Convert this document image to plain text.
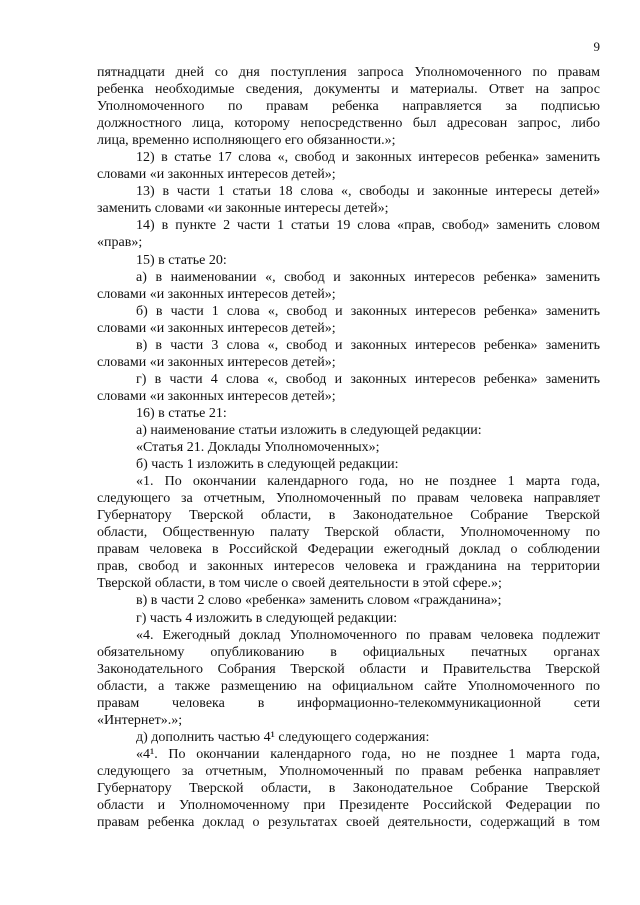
9
пятнадцати дней со дня поступления запроса Уполномоченного по правам
ребенка необходимые сведения, документы и материалы. Ответ на запрос
Уполномоченного по правам ребенка направляется за подписью
должностного лица, которому непосредственно был адресован запрос, либо
лица, временно исполняющего его обязанности.»;
12) в статье 17 слова «, свобод и законных интересов ребенка» заменить
словами «и законных интересов детей»;
13) в части 1 статьи 18 слова «, свободы и законные интересы детей»
заменить словами «и законные интересы детей»;
14) в пункте 2 части 1 статьи 19 слова «прав, свобод» заменить словом
«прав»;
15) в статье 20:
а) в наименовании «, свобод и законных интересов ребенка» заменить
словами «и законных интересов детей»;
б) в части 1 слова «, свобод и законных интересов ребенка» заменить
словами «и законных интересов детей»;
в) в части 3 слова «, свобод и законных интересов ребенка» заменить
словами «и законных интересов детей»;
г) в части 4 слова «, свобод и законных интересов ребенка» заменить
словами «и законных интересов детей»;
16) в статье 21:
а) наименование статьи изложить в следующей редакции:
«Статья 21. Доклады Уполномоченных»;
б) часть 1 изложить в следующей редакции:
«1. По окончании календарного года, но не позднее 1 марта года,
следующего за отчетным, Уполномоченный по правам человека направляет
Губернатору Тверской области, в Законодательное Собрание Тверской
области, Общественную палату Тверской области, Уполномоченному по
правам человека в Российской Федерации ежегодный доклад о соблюдении
прав, свобод и законных интересов человека и гражданина на территории
Тверской области, в том числе о своей деятельности в этой сфере.»;
в) в части 2 слово «ребенка» заменить словом «гражданина»;
г) часть 4 изложить в следующей редакции:
«4. Ежегодный доклад Уполномоченного по правам человека подлежит
обязательному опубликованию в официальных печатных органах
Законодательного Собрания Тверской области и Правительства Тверской
области, а также размещению на официальном сайте Уполномоченного по
правам человека в информационно-телекоммуникационной сети
«Интернет».»;
д) дополнить частью 4¹ следующего содержания:
«4¹. По окончании календарного года, но не позднее 1 марта года,
следующего за отчетным, Уполномоченный по правам ребенка направляет
Губернатору Тверской области, в Законодательное Собрание Тверской
области и Уполномоченному при Президенте Российской Федерации по
правам ребенка доклад о результатах своей деятельности, содержащий в том
